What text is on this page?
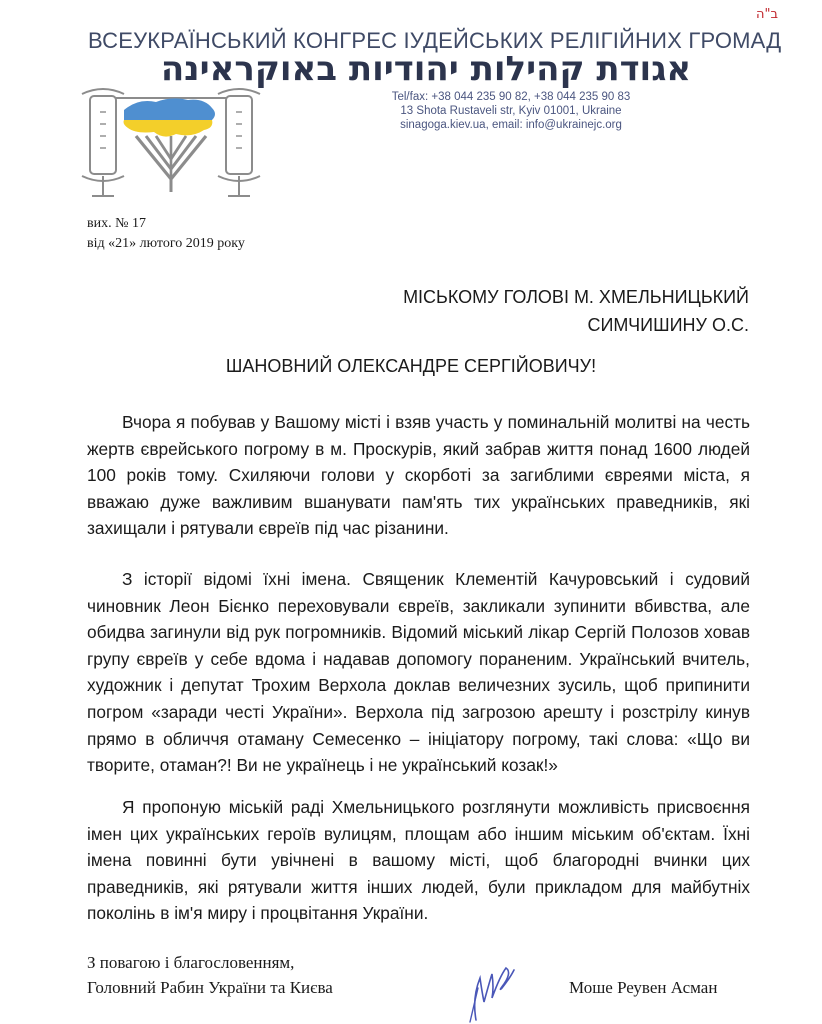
ב"ה
ВСЕУКРАЇНСЬКИЙ КОНГРЕС ІУДЕЙСЬКИХ РЕЛІГІЙНИХ ГРОМАД
אגודת קהילות יהודיות באוקראינה
Tel/fax: +38 044 235 90 82, +38 044 235 90 83
13 Shota Rustaveli str, Kyiv 01001, Ukraine
sinagoga.kiev.ua, email: info@ukrainejc.org
вих. № 17
від «21» лютого 2019 року
МІСЬКОМУ ГОЛОВІ М. ХМЕЛЬНИЦЬКИЙ
СИМЧИШИНУ О.С.
ШАНОВНИЙ ОЛЕКСАНДРЕ СЕРГІЙОВИЧУ!
Вчора я побував у Вашому місті і взяв участь у поминальній молитві на честь жертв єврейського погрому в м. Проскурів, який забрав життя понад 1600 людей 100 років тому. Схиляючи голови у скорботі за загиблими євреями міста, я вважаю дуже важливим вшанувати пам'ять тих українських праведників, які захищали і рятували євреїв під час різанини.
З історії відомі їхні імена. Священик Клементій Качуровський і судовий чиновник Леон Бієнко переховували євреїв, закликали зупинити вбивства, але обидва загинули від рук погромників. Відомий міський лікар Сергій Полозов ховав групу євреїв у себе вдома і надавав допомогу пораненим. Український вчитель, художник і депутат Трохим Верхола доклав величезних зусиль, щоб припинити погром «заради честі України». Верхола під загрозою арешту і розстрілу кинув прямо в обличчя отаману Семесенко – ініціатору погрому, такі слова: «Що ви творите, отаман?! Ви не українець і не український козак!»
Я пропоную міській раді Хмельницького розглянути можливість присвоєння імен цих українських героїв вулицям, площам або іншим міським об'єктам. Їхні імена повинні бути увічнені в вашому місті, щоб благородні вчинки цих праведників, які рятували життя інших людей, були прикладом для майбутніх поколінь в ім'я миру і процвітання України.
З повагою і благословенням,
Головний Рабин України та Києва	Моше Реувен Асман
